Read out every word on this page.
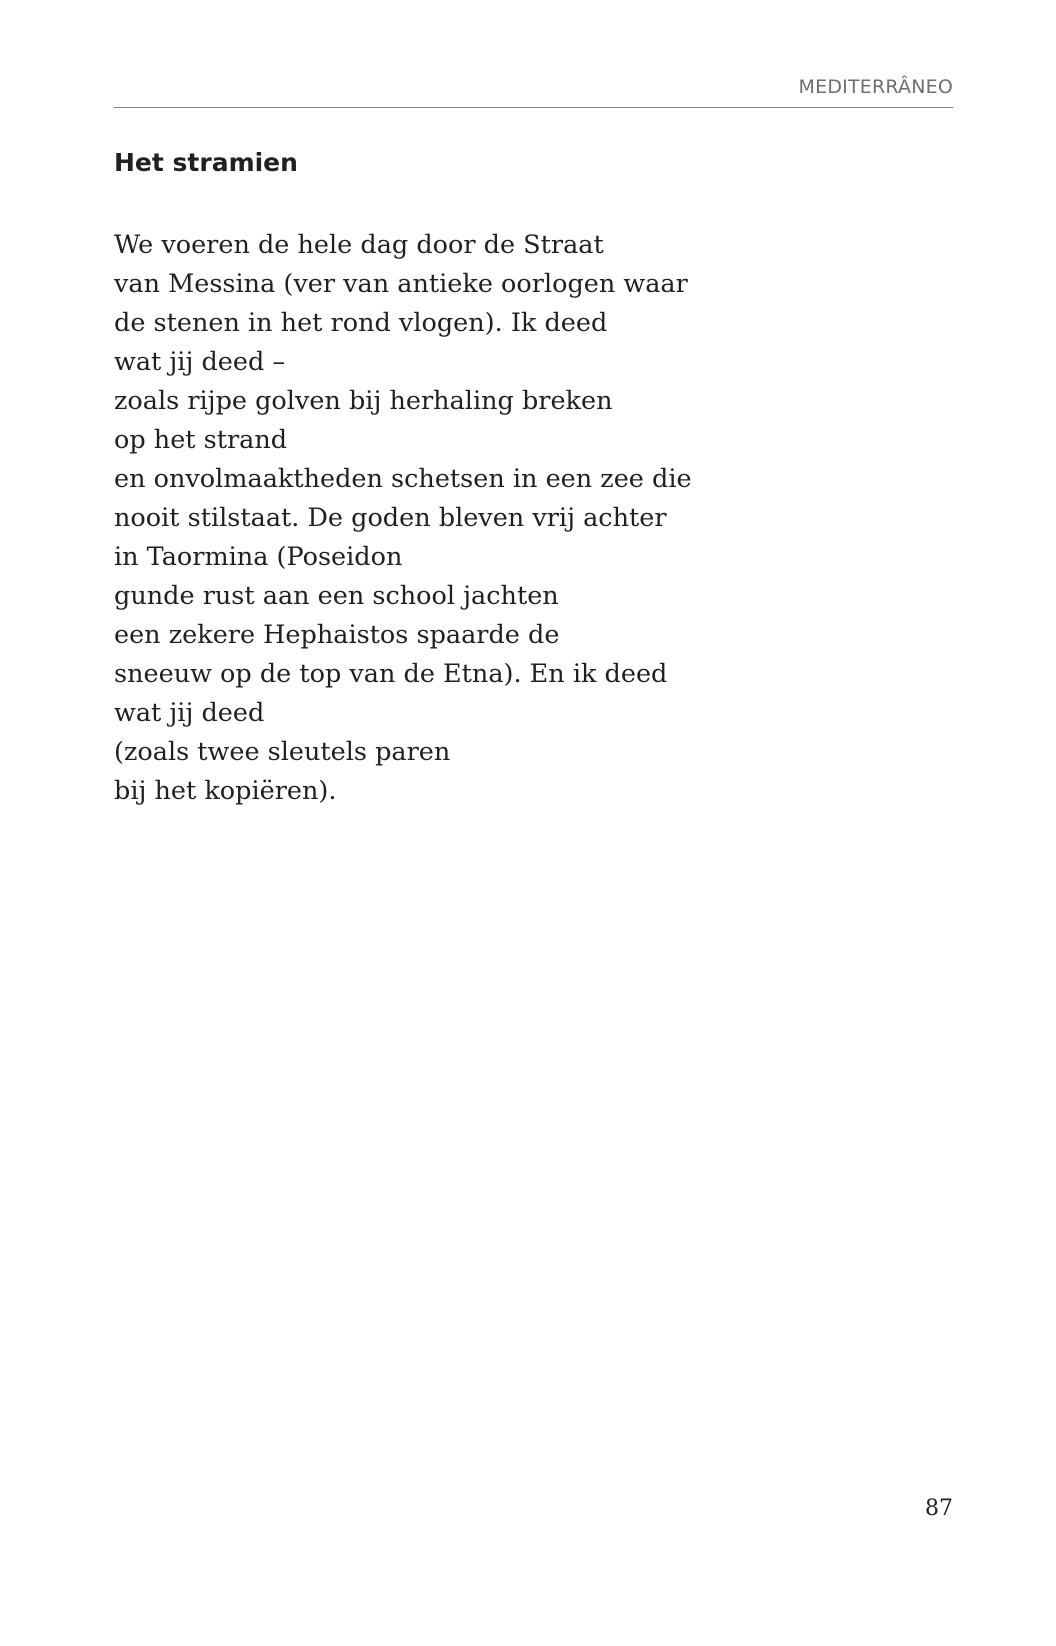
MEDITERRÂNEO
Het stramien
We voeren de hele dag door de Straat
van Messina (ver van antieke oorlogen waar
de stenen in het rond vlogen). Ik deed
wat jij deed –
zoals rijpe golven bij herhaling breken
op het strand
en onvolmaaktheden schetsen in een zee die
nooit stilstaat. De goden bleven vrij achter
in Taormina (Poseidon
gunde rust aan een school jachten
een zekere Hephaistos spaarde de
sneeuw op de top van de Etna). En ik deed
wat jij deed
(zoals twee sleutels paren
bij het kopiëren).
87
